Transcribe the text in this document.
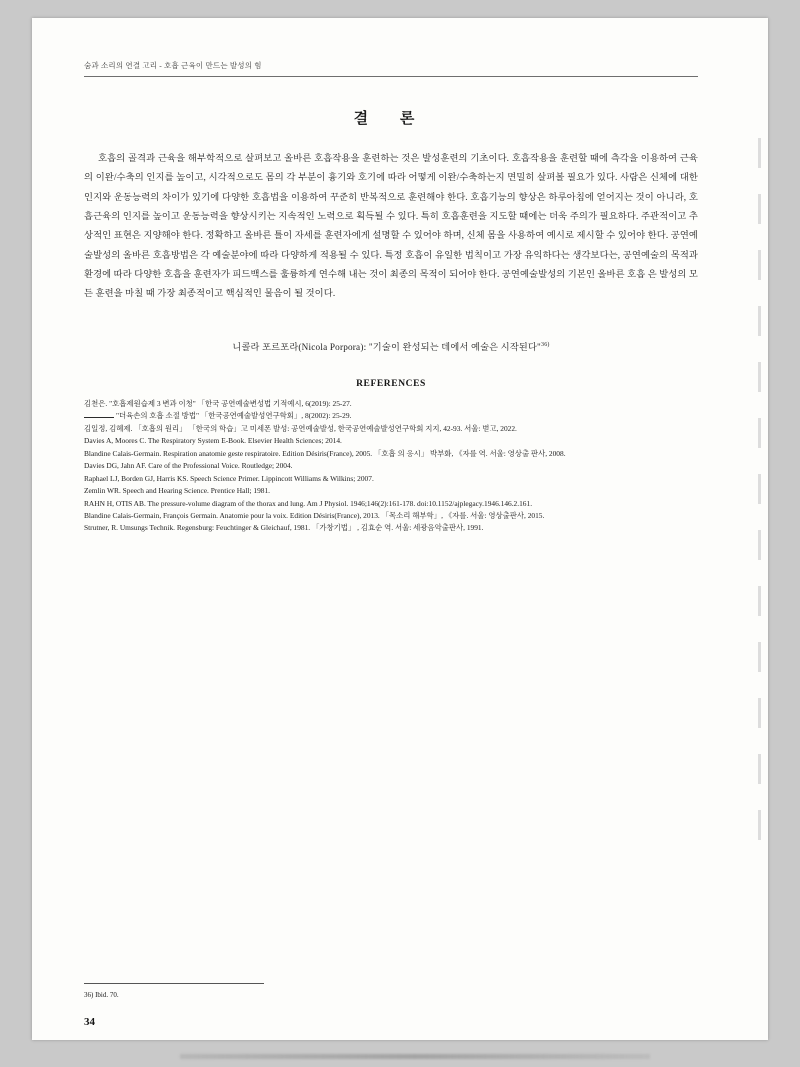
숨과 소리의 연결 고리 - 호흡 근육이 만드는 발성의 힘
결 론

호흡의 골격과 근육을 해부학적으로 살펴보고 올바른 호흡작용을 훈련하는 것은 발성훈련의 기초이다. 호흡작용을 훈련할 때에 측각을 이용하여 근육의 이완/수축의 인지를 높이고, 시각적으로도 몸의 각 부분이 흉기와 호기에 따라 어떻게 이완/수축하는지 면밀히 살펴볼 필요가 있다. 사람은 신체에 대한 인지와 운동능력의 차이가 있기에 다양한 호흡법을 이용하여 꾸준히 반복적으로 훈련해야 한다. 호흡기능의 향상은 하루아침에 얻어지는 것이 아니라, 호흡근육의 인지를 높이고 운동능력을 향상시키는 지속적인 노력으로 획득될 수 있다. 특히 호흡훈련을 지도할 때에는 더욱 주의가 필요하다. 주관적이고 추상적인 표현은 지양해야 한다. 정확하고 올바른 틀이 자세를 훈련자에게 설명할 수 있어야 하며, 신체 몸을 사용하여 예시로 제시할 수 있어야 한다. 공연예술발성의 올바른 호흡방법은 각 예술분야에 따라 다양하게 적용될 수 있다. 특정 호흡이 유일한 법칙이고 가장 유익하다는 생각보다는, 공연예술의 목적과 환경에 따라 다양한 호흡을 훈련자가 피드백스를 훌륭하게 연수해 내는 것이 최종의 목적이 되어야 한다. 공연예술발성의 기본인 올바른 호흡 은 발성의 모든 훈련을 마칠 때 가장 최종적이고 핵심적인 물음이 될 것이다.

니콜라 포르포라(Nicola Porpora): "기술이 완성되는 데에서 예술은 시작된다"$^{36)}$
REFERENCES
김천은. "호흡제원습제 3 변과 이청" 「한국 공연예술변성법 기적예시, 6(2019): 25-27.
"더육손의 호흡 소절 방법" 「한국공연예술발성연구학회」, 8(2002): 25-29.
김일정, 김혜제. 「호흡의 원리」 「한국의 학습」고 미세폰 발성: 공연예술발성, 한국공연예술발성연구학회 지지, 42-93. 서울: 벋고, 2022.
Davies A, Moores C. The Respiratory System E-Book. Elsevier Health Sciences; 2014.
Blandine Calais-Germain. Respiration anatomie geste respiratoire. Edition Désiris(France), 2005. 「호흡 의 응시」 박부화, 《자를 역. 서울: 영상출 판사, 2008.
Davies DG, Jahn AF. Care of the Professional Voice. Routledge; 2004.
Raphael LJ, Borden GJ, Harris KS. Speech Science Primer. Lippincott Williams & Wilkins; 2007.
Zemlin WR. Speech and Hearing Science. Prentice Hall; 1981.
RAHN H, OTIS AB. The pressure-volume diagram of the thorax and lung. Am J Physiol. 1946;146(2):161-178. doi:10.1152/ajplegacy.1946.146.2.161.
Blandine Calais-Germain, François Germain. Anatomie pour la voix. Edition Désiris(France), 2013. 「목소리 해부학」, 《자를. 서울: 영상출판사, 2015.
Strutner, R. Umsungs Technik. Regensburg: Feuchtinger & Gleichauf, 1981. 「가창기법」 , 김효순 역. 서울: 세광음악출판사, 1991.
36) Ibid. 70.
34
